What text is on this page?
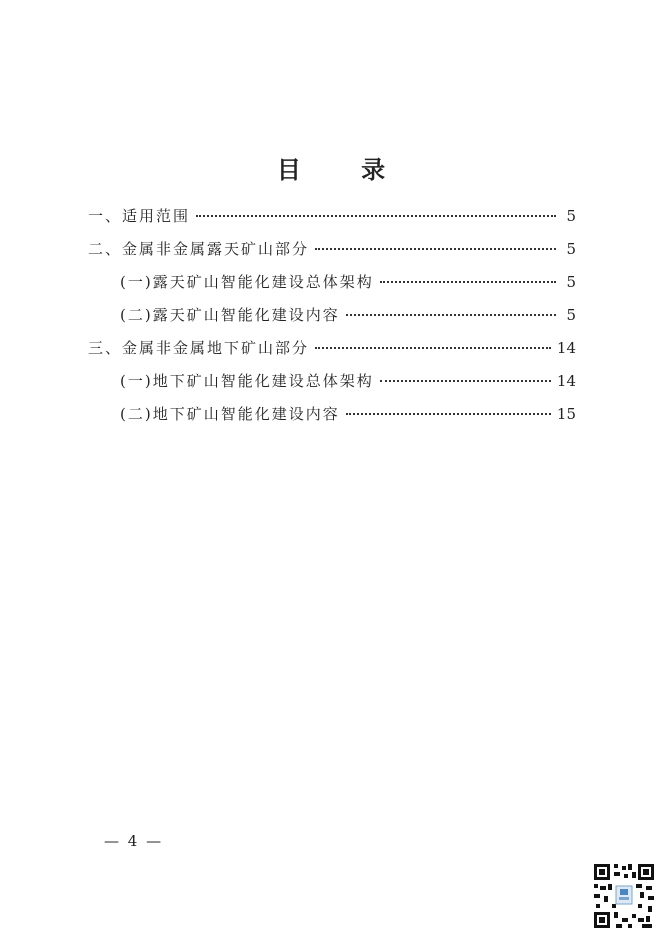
目 录
一、适用范围	5
二、金属非金属露天矿山部分	5
(一)露天矿山智能化建设总体架构	5
(二)露天矿山智能化建设内容	5
三、金属非金属地下矿山部分	14
(一)地下矿山智能化建设总体架构	14
(二)地下矿山智能化建设内容	15
— 4 —
